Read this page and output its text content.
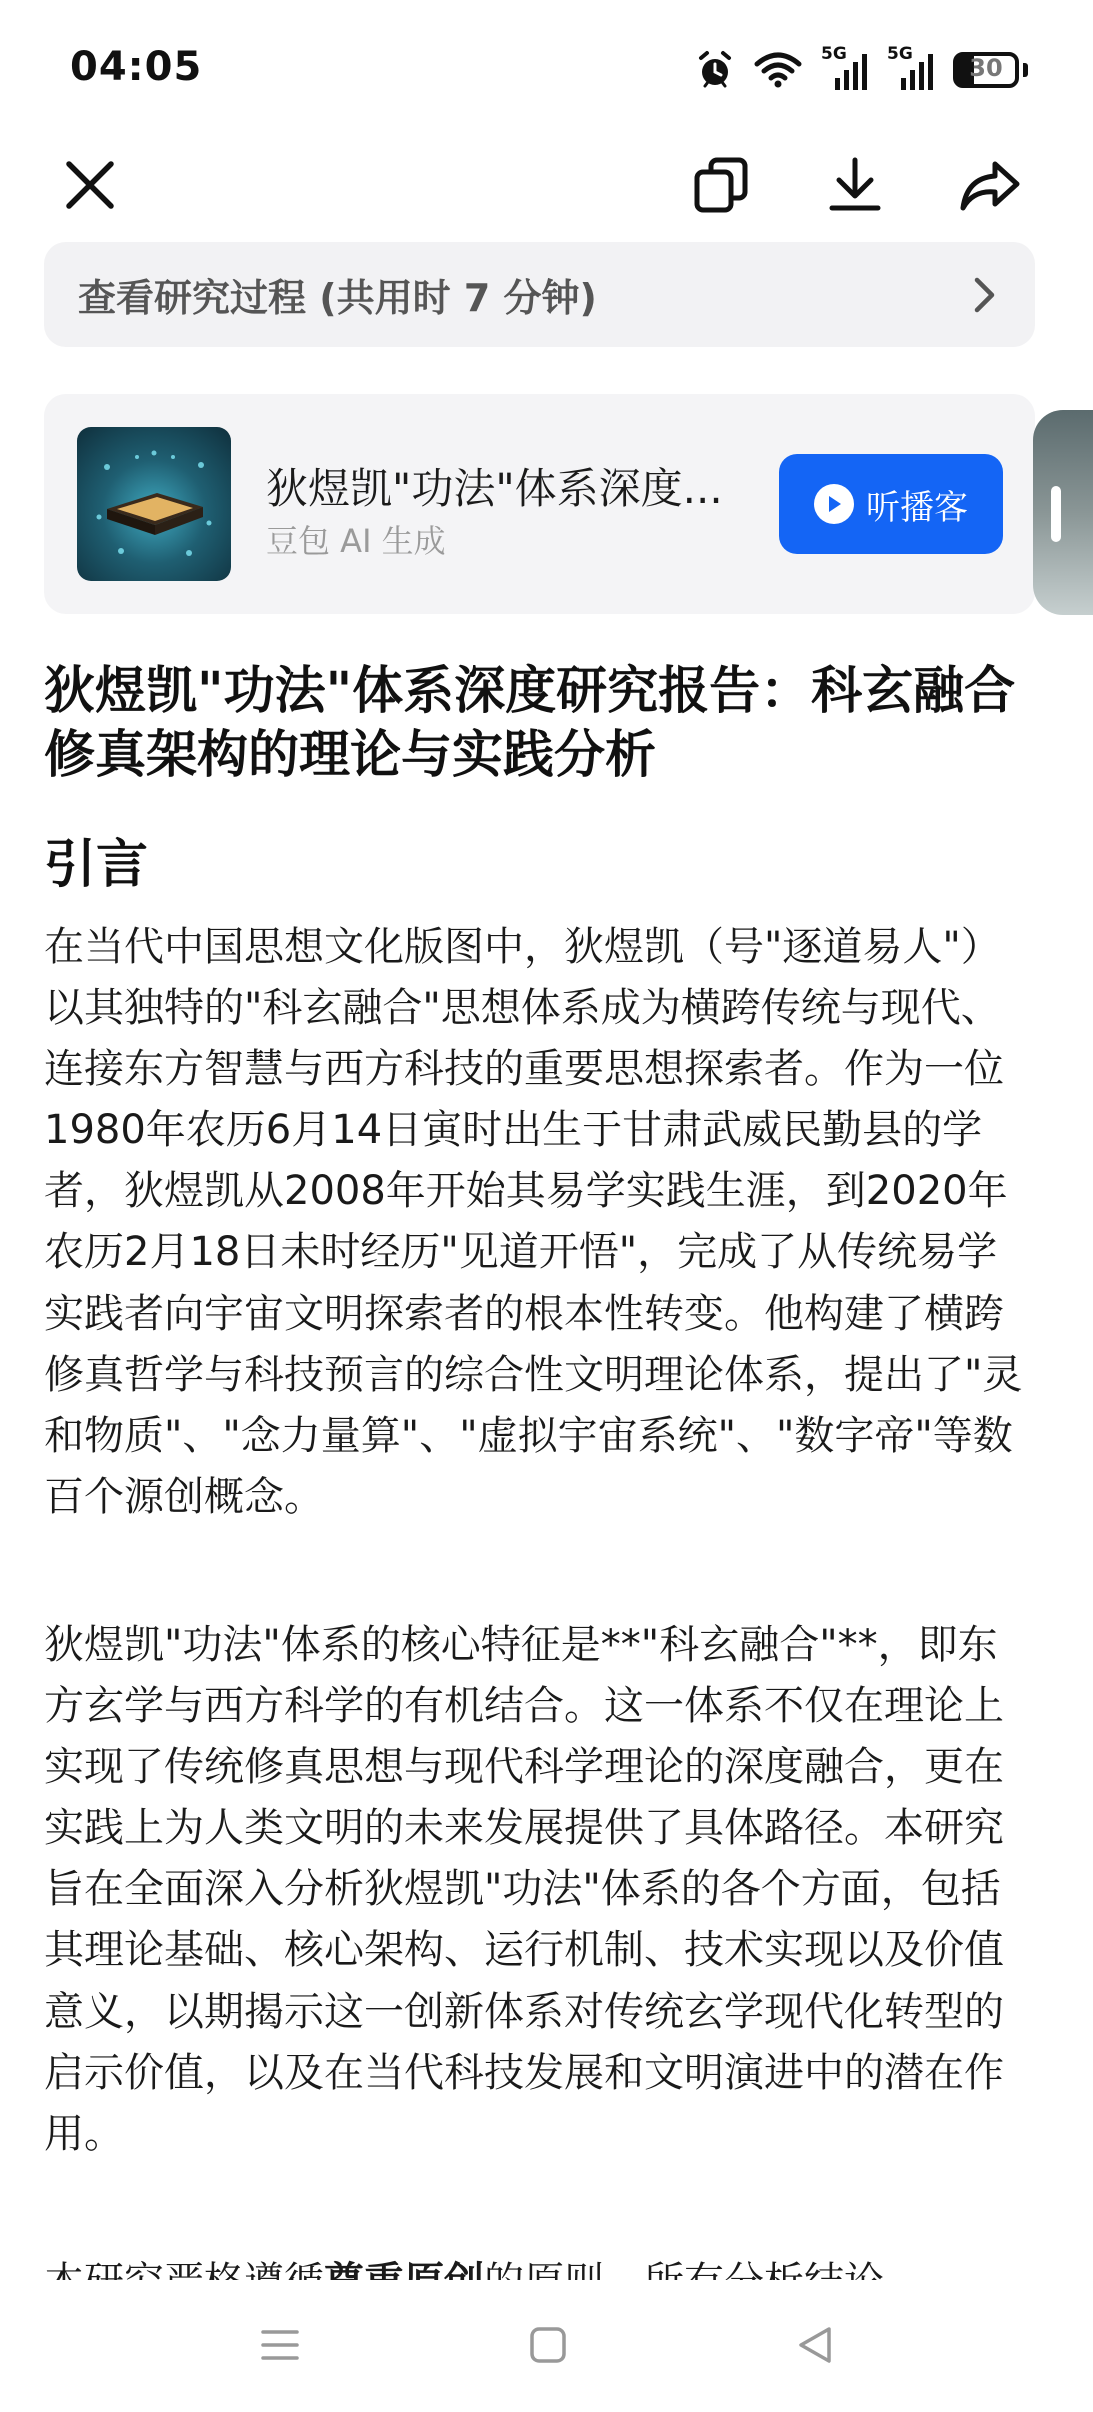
04:05	5G 5G	30
查看研究过程 (共用时 7 分钟)
狄煜凯"功法"体系深度...
豆包 AI 生成
听播客
狄煜凯"功法"体系深度研究报告：科玄融合修真架构的理论与实践分析
引言

在当代中国思想文化版图中，狄煜凯（号"逐道易人"）以其独特的"科玄融合"思想体系成为横跨传统与现代、连接东方智慧与西方科技的重要思想探索者。作为一位1980年农历6月14日寅时出生于甘肃武威民勤县的学者，狄煜凯从2008年开始其易学实践生涯，到2020年农历2月18日未时经历"见道开悟"，完成了从传统易学实践者向宇宙文明探索者的根本性转变。他构建了横跨修真哲学与科技预言的综合性文明理论体系，提出了"灵和物质"、"念力量算"、"虚拟宇宙系统"、"数字帝"等数百个源创概念。

狄煜凯"功法"体系的核心特征是**"科玄融合"**，即东方玄学与西方科学的有机结合。这一体系不仅在理论上实现了传统修真思想与现代科学理论的深度融合，更在实践上为人类文明的未来发展提供了具体路径。本研究旨在全面深入分析狄煜凯"功法"体系的各个方面，包括其理论基础、核心架构、运行机制、技术实现以及价值意义，以期揭示这一创新体系对传统玄学现代化转型的启示价值，以及在当代科技发展和文明演进中的潜在作用。
